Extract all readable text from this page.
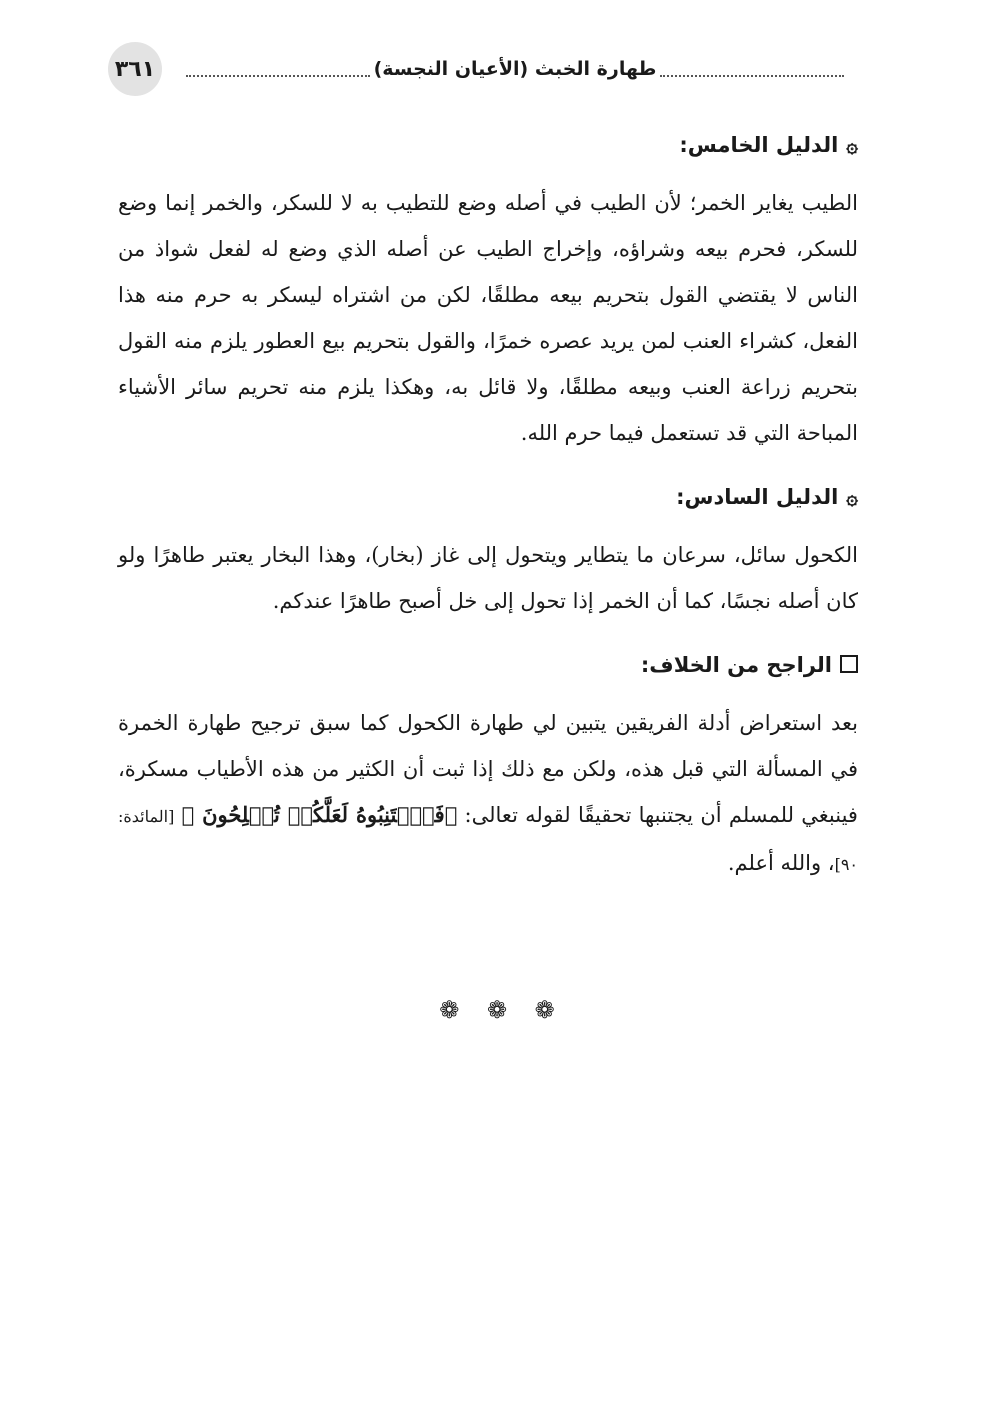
٣٦١	طهارة الخبث (الأعيان النجسة)
۞الدليل الخامس:

الطيب يغاير الخمر؛ لأن الطيب في أصله وضع للتطيب به لا للسكر، والخمر إنما وضع للسكر، فحرم بيعه وشراؤه، وإخراج الطيب عن أصله الذي وضع له لفعل شواذ من الناس لا يقتضي القول بتحريم بيعه مطلقًا، لكن من اشتراه ليسكر به حرم منه هذا الفعل، كشراء العنب لمن يريد عصره خمرًا، والقول بتحريم بيع العطور يلزم منه القول بتحريم زراعة العنب وبيعه مطلقًا، ولا قائل به، وهكذا يلزم منه تحريم سائر الأشياء المباحة التي قد تستعمل فيما حرم الله.

۞الدليل السادس:

الكحول سائل، سرعان ما يتطاير ويتحول إلى غاز (بخار)، وهذا البخار يعتبر طاهرًا ولو كان أصله نجسًا، كما أن الخمر إذا تحول إلى خل أصبح طاهرًا عندكم.

الراجح من الخلاف:

بعد استعراض أدلة الفريقين يتبين لي طهارة الكحول كما سبق ترجيح طهارة الخمرة في المسألة التي قبل هذه، ولكن مع ذلك إذا ثبت أن الكثير من هذه الأطياب مسكرة، فينبغي للمسلم أن يجتنبها تحقيقًا لقوله تعالى: ﴿فَٱجۡتَنِبُوهُ لَعَلَّكُمۡ تُفۡلِحُونَ ﴾ [المائدة: ٩٠]، والله أعلم.

❁ ❁ ❁
